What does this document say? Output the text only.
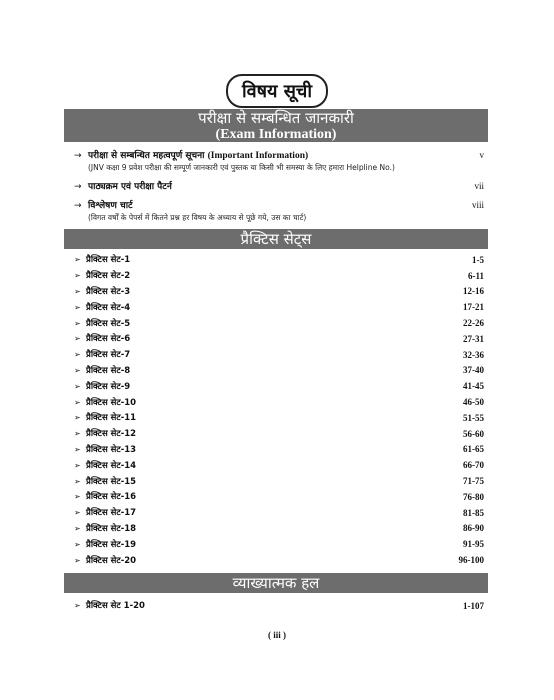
विषय सूची
परीक्षा से सम्बन्धित जानकारी
(Exam Information)
→ परीक्षा से सम्बन्धित महत्वपूर्ण सूचना (Important Information)	v
(JNV कक्षा 9 प्रवेश परीक्षा की सम्पूर्ण जानकारी एवं पुस्तक या किसी भी समस्या के लिए हमारा Helpline No.)
→ पाठ्यक्रम एवं परीक्षा पैटर्न	vii
→ विश्लेषण चार्ट	viii
(विगत वर्षों के पेपर्स में कितने प्रश्न हर विषय के अध्याय से पूछे गये, उस का चार्ट)
प्रैक्टिस सेट्स
➢ प्रैक्टिस सेट-1	1-5
➢ प्रैक्टिस सेट-2	6-11
➢ प्रैक्टिस सेट-3	12-16
➢ प्रैक्टिस सेट-4	17-21
➢ प्रैक्टिस सेट-5	22-26
➢ प्रैक्टिस सेट-6	27-31
➢ प्रैक्टिस सेट-7	32-36
➢ प्रैक्टिस सेट-8	37-40
➢ प्रैक्टिस सेट-9	41-45
➢ प्रैक्टिस सेट-10	46-50
➢ प्रैक्टिस सेट-11	51-55
➢ प्रैक्टिस सेट-12	56-60
➢ प्रैक्टिस सेट-13	61-65
➢ प्रैक्टिस सेट-14	66-70
➢ प्रैक्टिस सेट-15	71-75
➢ प्रैक्टिस सेट-16	76-80
➢ प्रैक्टिस सेट-17	81-85
➢ प्रैक्टिस सेट-18	86-90
➢ प्रैक्टिस सेट-19	91-95
➢ प्रैक्टिस सेट-20	96-100
व्याख्यात्मक हल
➢ प्रैक्टिस सेट 1-20	1-107
( iii )
